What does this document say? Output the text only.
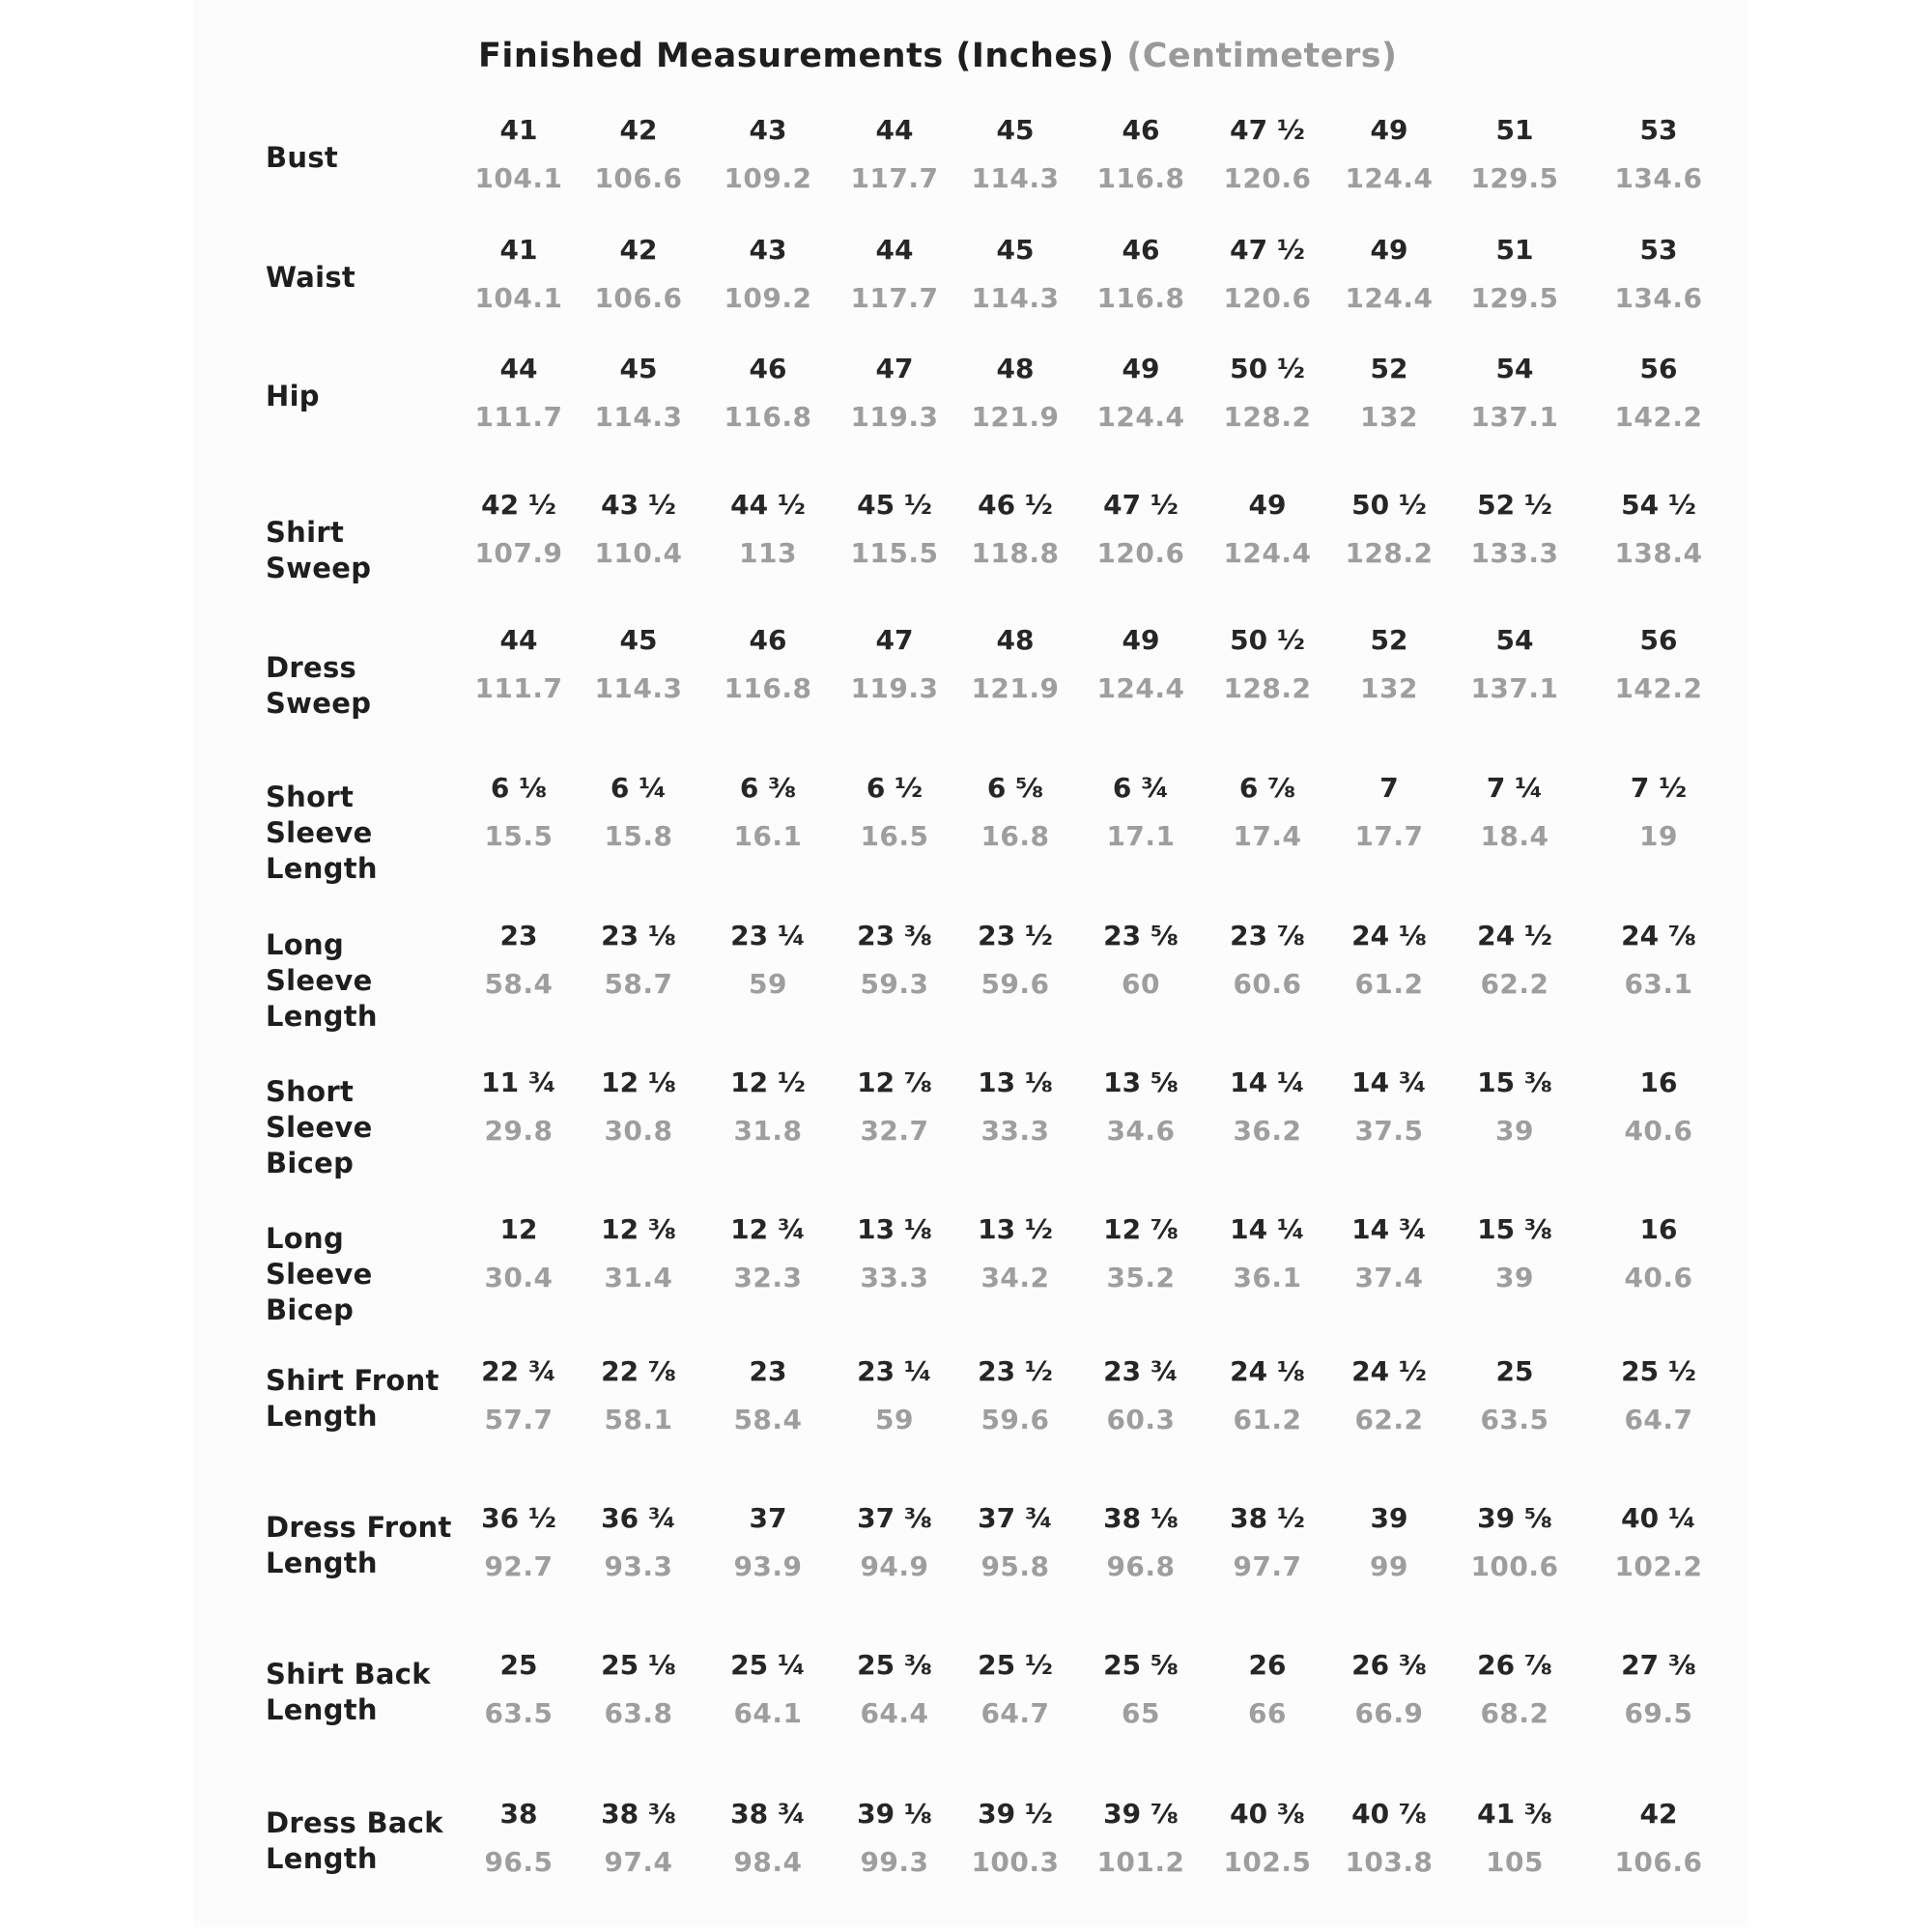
Finished Measurements (Inches) (Centimeters)
Bust
41	42	43	44	45	46	47 ½	49	51	53
104.1	106.6	109.2	117.7	114.3	116.8	120.6	124.4	129.5	134.6
Waist
41	42	43	44	45	46	47 ½	49	51	53
104.1	106.6	109.2	117.7	114.3	116.8	120.6	124.4	129.5	134.6
Hip
44	45	46	47	48	49	50 ½	52	54	56
111.7	114.3	116.8	119.3	121.9	124.4	128.2	132	137.1	142.2
Shirt Sweep
42 ½	43 ½	44 ½	45 ½	46 ½	47 ½	49	50 ½	52 ½	54 ½
107.9	110.4	113	115.5	118.8	120.6	124.4	128.2	133.3	138.4
Dress Sweep
44	45	46	47	48	49	50 ½	52	54	56
111.7	114.3	116.8	119.3	121.9	124.4	128.2	132	137.1	142.2
Short Sleeve Length
6 ⅛	6 ¼	6 ⅜	6 ½	6 ⅝	6 ¾	6 ⅞	7	7 ¼	7 ½
15.5	15.8	16.1	16.5	16.8	17.1	17.4	17.7	18.4	19
Long Sleeve Length
23	23 ⅛	23 ¼	23 ⅜	23 ½	23 ⅝	23 ⅞	24 ⅛	24 ½	24 ⅞
58.4	58.7	59	59.3	59.6	60	60.6	61.2	62.2	63.1
Short Sleeve Bicep
11 ¾	12 ⅛	12 ½	12 ⅞	13 ⅛	13 ⅝	14 ¼	14 ¾	15 ⅜	16
29.8	30.8	31.8	32.7	33.3	34.6	36.2	37.5	39	40.6
Long Sleeve Bicep
12	12 ⅜	12 ¾	13 ⅛	13 ½	12 ⅞	14 ¼	14 ¾	15 ⅜	16
30.4	31.4	32.3	33.3	34.2	35.2	36.1	37.4	39	40.6
Shirt Front Length
22 ¾	22 ⅞	23	23 ¼	23 ½	23 ¾	24 ⅛	24 ½	25	25 ½
57.7	58.1	58.4	59	59.6	60.3	61.2	62.2	63.5	64.7
Dress Front Length
36 ½	36 ¾	37	37 ⅜	37 ¾	38 ⅛	38 ½	39	39 ⅝	40 ¼
92.7	93.3	93.9	94.9	95.8	96.8	97.7	99	100.6	102.2
Shirt Back Length
25	25 ⅛	25 ¼	25 ⅜	25 ½	25 ⅝	26	26 ⅜	26 ⅞	27 ⅜
63.5	63.8	64.1	64.4	64.7	65	66	66.9	68.2	69.5
Dress Back Length
38	38 ⅜	38 ¾	39 ⅛	39 ½	39 ⅞	40 ⅜	40 ⅞	41 ⅜	42
96.5	97.4	98.4	99.3	100.3	101.2	102.5	103.8	105	106.6
